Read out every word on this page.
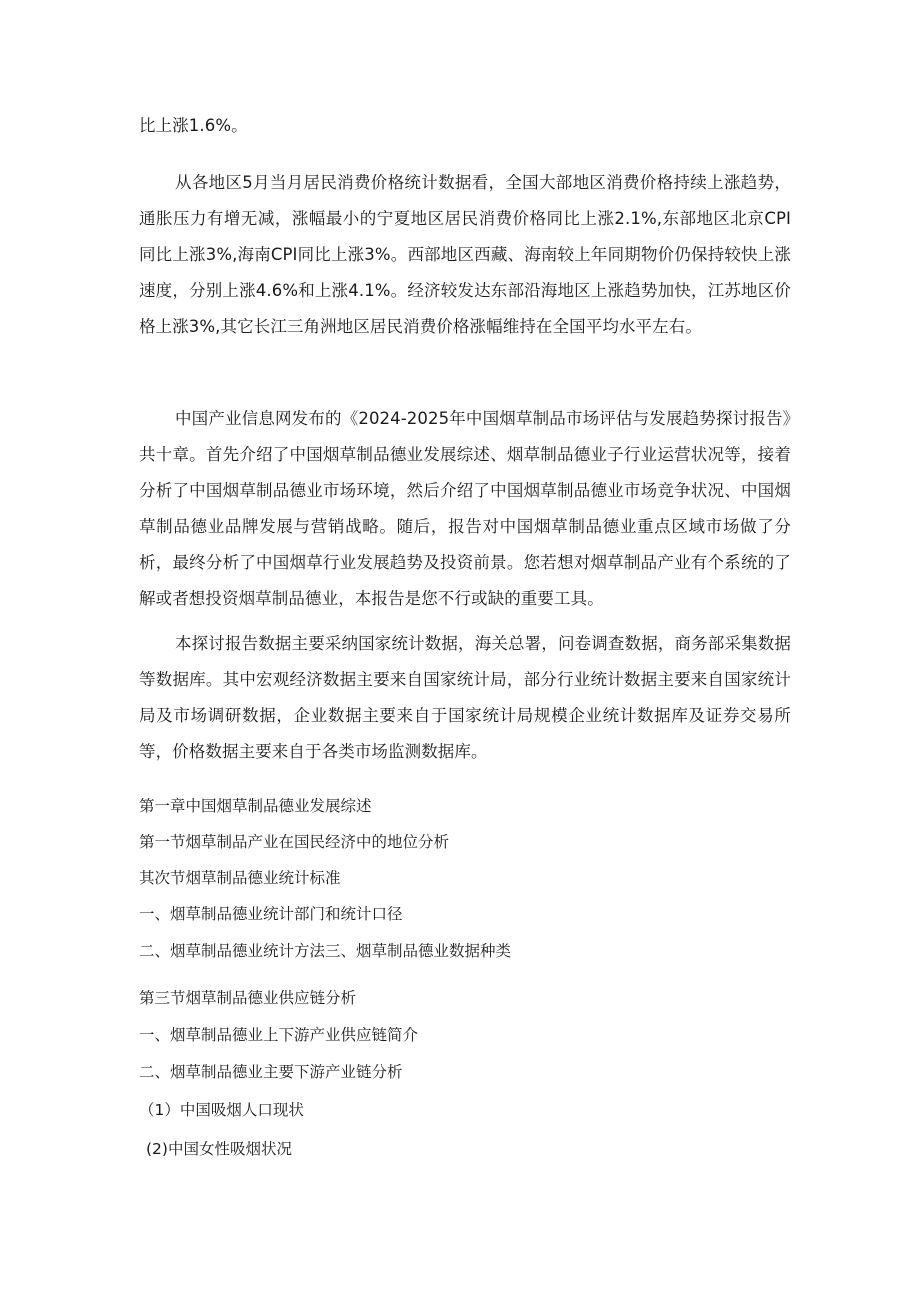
比上涨1.6%。

从各地区5月当月居民消费价格统计数据看，全国大部地区消费价格持续上涨趋势，通胀压力有增无减，涨幅最小的宁夏地区居民消费价格同比上涨2.1%,东部地区北京CPI同比上涨3%,海南CPI同比上涨3%。西部地区西藏、海南较上年同期物价仍保持较快上涨速度，分别上涨4.6%和上涨4.1%。经济较发达东部沿海地区上涨趋势加快，江苏地区价格上涨3%,其它长江三角洲地区居民消费价格涨幅维持在全国平均水平左右。

中国产业信息网发布的《2024-2025年中国烟草制品市场评估与发展趋势探讨报告》共十章。首先介绍了中国烟草制品德业发展综述、烟草制品德业子行业运营状况等，接着分析了中国烟草制品德业市场环境，然后介绍了中国烟草制品德业市场竞争状况、中国烟草制品德业品牌发展与营销战略。随后，报告对中国烟草制品德业重点区域市场做了分析，最终分析了中国烟草行业发展趋势及投资前景。您若想对烟草制品产业有个系统的了解或者想投资烟草制品德业，本报告是您不行或缺的重要工具。

本探讨报告数据主要采纳国家统计数据，海关总署，问卷调查数据，商务部采集数据等数据库。其中宏观经济数据主要来自国家统计局，部分行业统计数据主要来自国家统计局及市场调研数据，企业数据主要来自于国家统计局规模企业统计数据库及证券交易所等，价格数据主要来自于各类市场监测数据库。

第一章中国烟草制品德业发展综述

第一节烟草制品产业在国民经济中的地位分析

其次节烟草制品德业统计标准

一、烟草制品德业统计部门和统计口径

二、烟草制品德业统计方法三、烟草制品德业数据种类

第三节烟草制品德业供应链分析

一、烟草制品德业上下游产业供应链简介

二、烟草制品德业主要下游产业链分析

（1）中国吸烟人口现状

(2)中国女性吸烟状况
